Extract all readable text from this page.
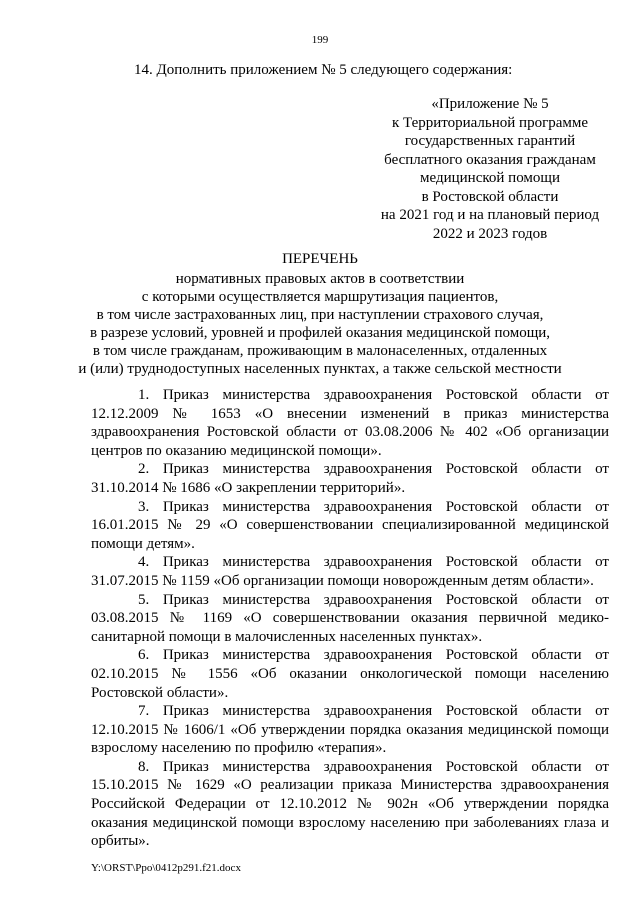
199
14. Дополнить приложением № 5 следующего содержания:
«Приложение № 5
к Территориальной программе
государственных гарантий
бесплатного оказания гражданам
медицинской помощи
в Ростовской области
на 2021 год и на плановый период
2022 и 2023 годов
ПЕРЕЧЕНЬ
нормативных правовых актов в соответствии
с которыми осуществляется маршрутизация пациентов,
в том числе застрахованных лиц, при наступлении страхового случая,
в разрезе условий, уровней и профилей оказания медицинской помощи,
в том числе гражданам, проживающим в малонаселенных, отдаленных
и (или) труднодоступных населенных пунктах, а также сельской местности

1. Приказ министерства здравоохранения Ростовской области от 12.12.2009 № 1653 «О внесении изменений в приказ министерства здравоохранения Ростовской области от 03.08.2006 № 402 «Об организации центров по оказанию медицинской помощи».

2. Приказ министерства здравоохранения Ростовской области от 31.10.2014 № 1686 «О закреплении территорий».

3. Приказ министерства здравоохранения Ростовской области от 16.01.2015 № 29 «О совершенствовании специализированной медицинской помощи детям».

4. Приказ министерства здравоохранения Ростовской области от 31.07.2015 № 1159 «Об организации помощи новорожденным детям области».

5. Приказ министерства здравоохранения Ростовской области от 03.08.2015 № 1169 «О совершенствовании оказания первичной медико-санитарной помощи в малочисленных населенных пунктах».

6. Приказ министерства здравоохранения Ростовской области от 02.10.2015 № 1556 «Об оказании онкологической помощи населению Ростовской области».

7. Приказ министерства здравоохранения Ростовской области от 12.10.2015 № 1606/1 «Об утверждении порядка оказания медицинской помощи взрослому населению по профилю «терапия».

8. Приказ министерства здравоохранения Ростовской области от 15.10.2015 № 1629 «О реализации приказа Министерства здравоохранения Российской Федерации от 12.10.2012 № 902н «Об утверждении порядка оказания медицинской помощи взрослому населению при заболеваниях глаза и орбиты».

Y:\ORST\Ppo\0412p291.f21.docx
